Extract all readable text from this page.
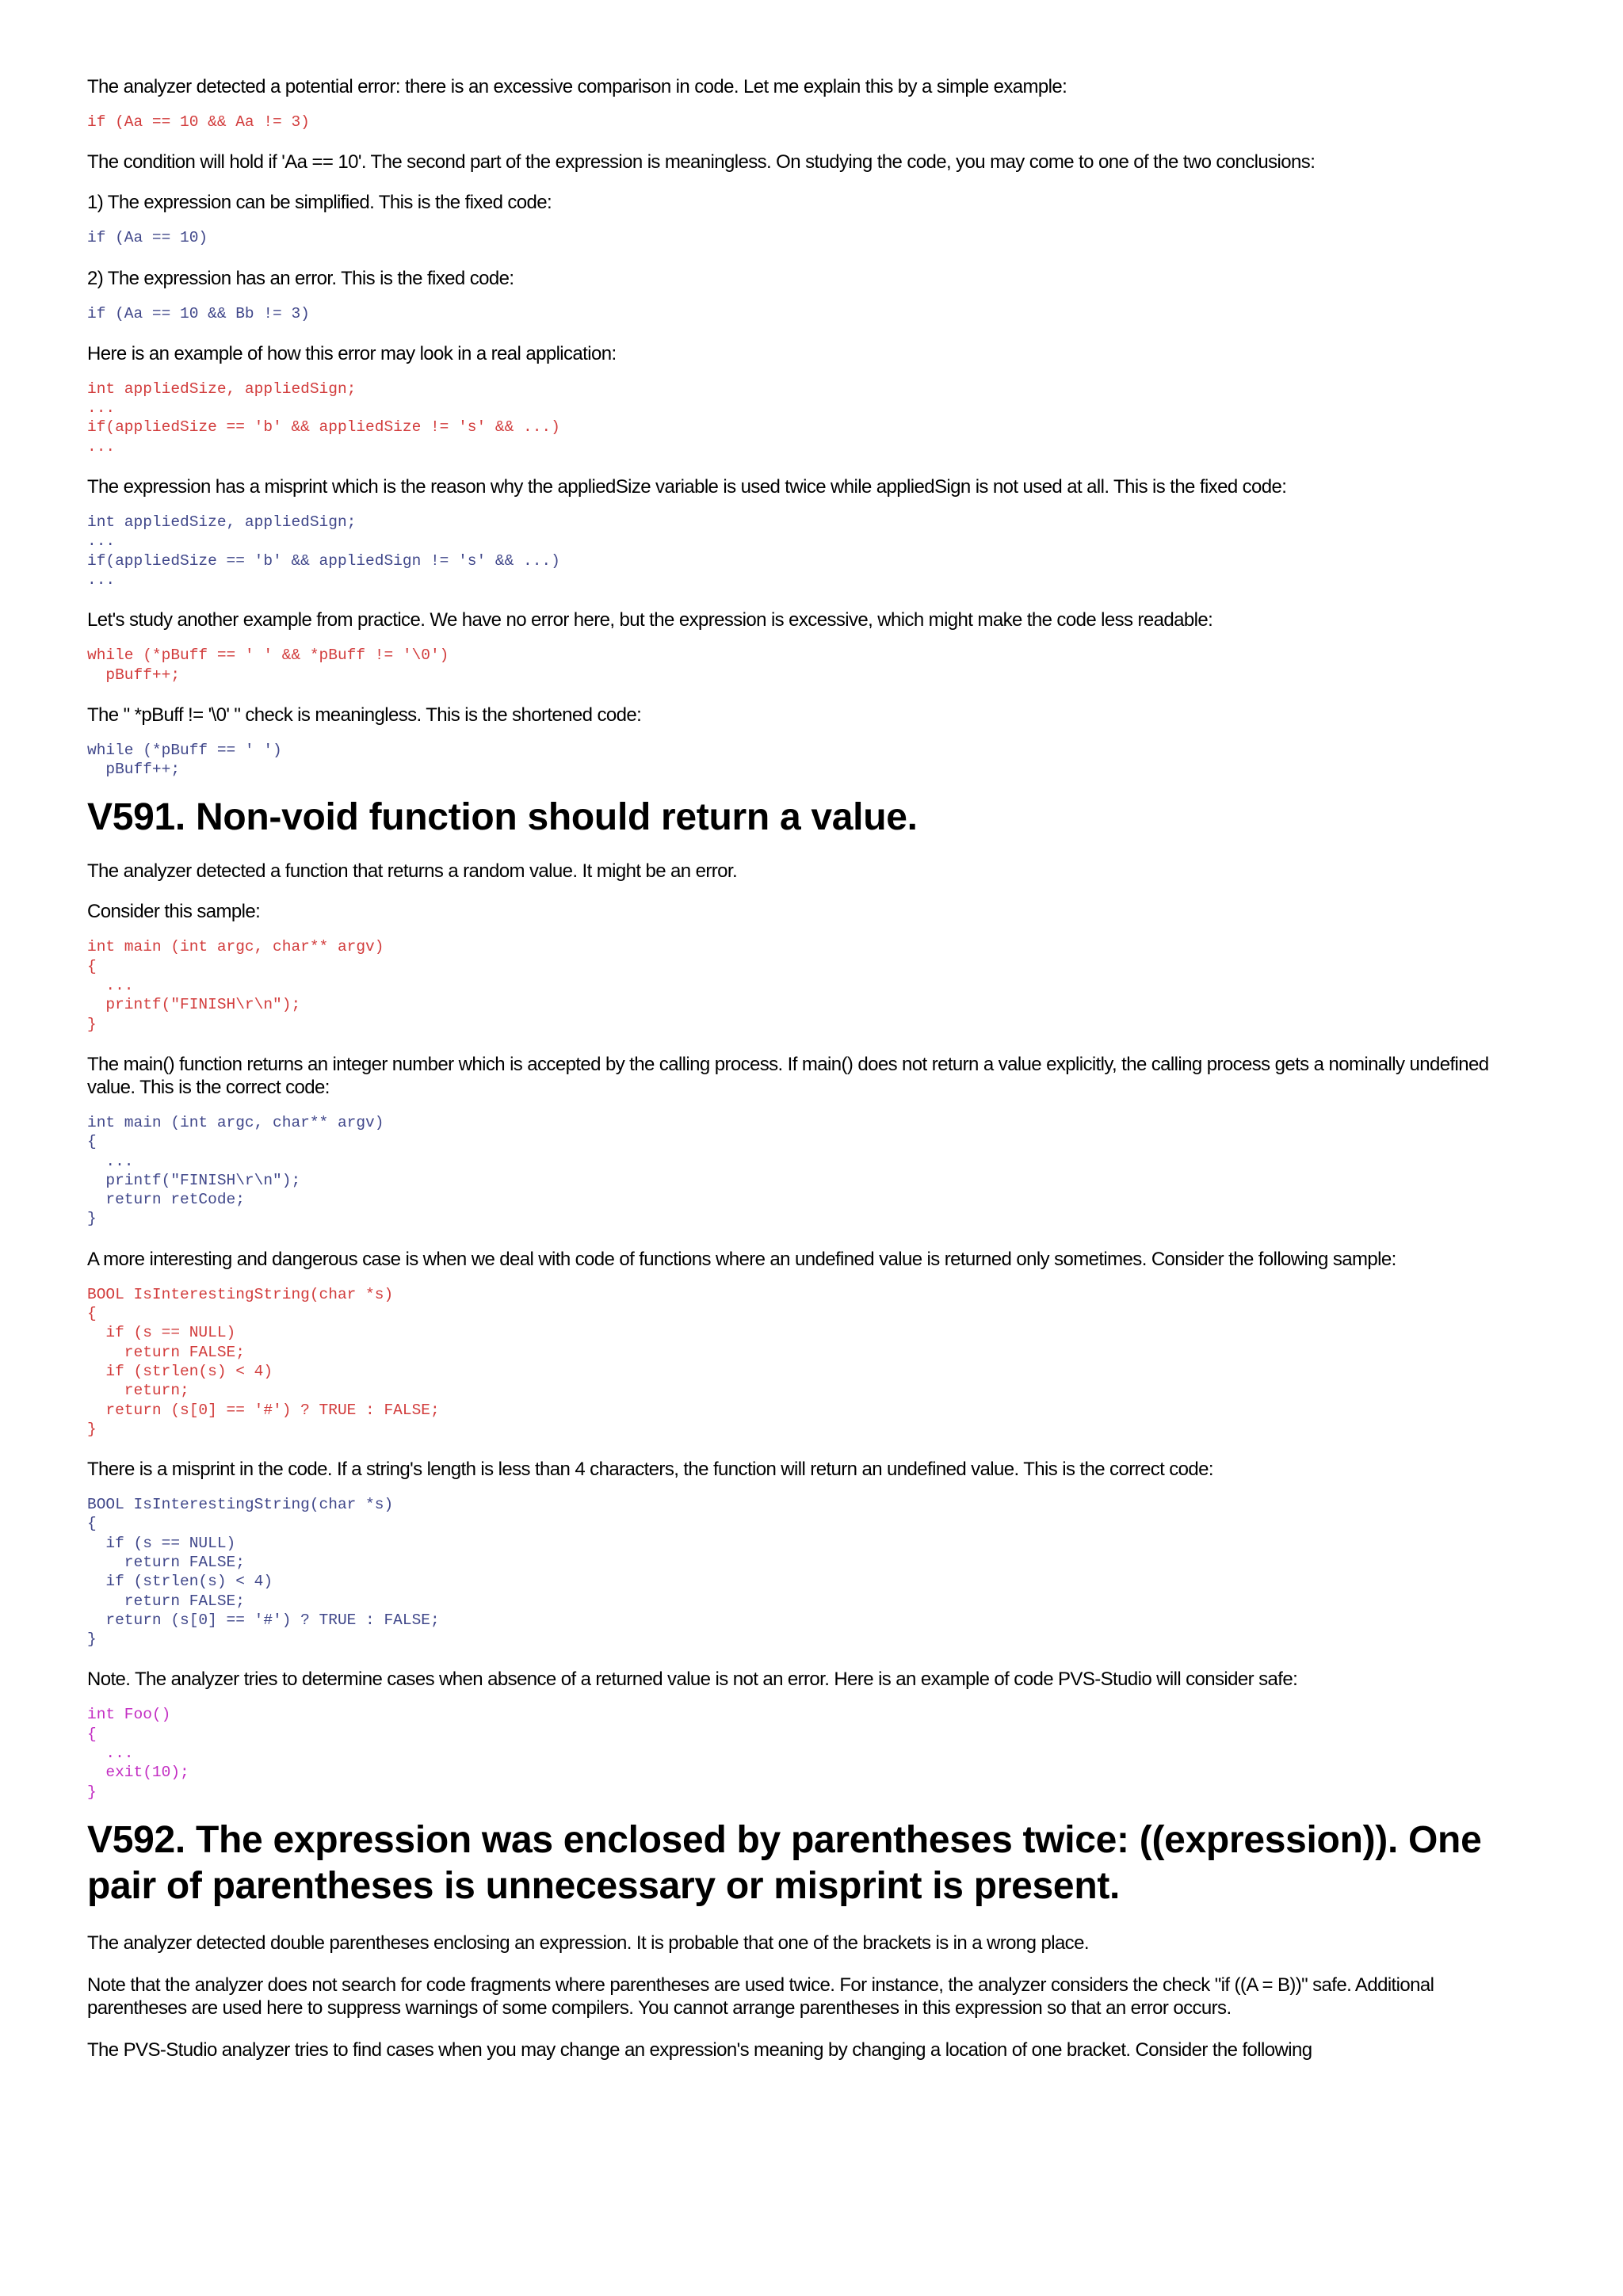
The analyzer detected a potential error: there is an excessive comparison in code. Let me explain this by a simple example:

if (Aa == 10 && Aa != 3)

The condition will hold if 'Aa == 10'. The second part of the expression is meaningless. On studying the code, you may come to one of the two conclusions:

1) The expression can be simplified. This is the fixed code:

if (Aa == 10)

2) The expression has an error. This is the fixed code:

if (Aa == 10 && Bb != 3)

Here is an example of how this error may look in a real application:

int appliedSize, appliedSign;
...
if(appliedSize == 'b' && appliedSize != 's' && ...)
...

The expression has a misprint which is the reason why the appliedSize variable is used twice while appliedSign is not used at all. This is the fixed code:

int appliedSize, appliedSign;
...
if(appliedSize == 'b' && appliedSign != 's' && ...)
...

Let's study another example from practice. We have no error here, but the expression is excessive, which might make the code less readable:

while (*pBuff == ' ' && *pBuff != '\0')
pBuff++;

The " *pBuff != '\0' " check is meaningless. This is the shortened code:

while (*pBuff == ' ')
pBuff++;
V591. Non-void function should return a value.

The analyzer detected a function that returns a random value. It might be an error.

Consider this sample:

int main (int argc, char** argv)
{
...
printf("FINISH\r\n");
}

The main() function returns an integer number which is accepted by the calling process. If main() does not return a value explicitly, the calling process gets a nominally undefined value. This is the correct code:

int main (int argc, char** argv)
{
...
printf("FINISH\r\n");
return retCode;
}

A more interesting and dangerous case is when we deal with code of functions where an undefined value is returned only sometimes. Consider the following sample:

BOOL IsInterestingString(char *s)
{
if (s == NULL)
return FALSE;
if (strlen(s) < 4)
return;
return (s[0] == '#') ? TRUE : FALSE;
}

There is a misprint in the code. If a string's length is less than 4 characters, the function will return an undefined value. This is the correct code:

BOOL IsInterestingString(char *s)
{
if (s == NULL)
return FALSE;
if (strlen(s) < 4)
return FALSE;
return (s[0] == '#') ? TRUE : FALSE;
}

Note. The analyzer tries to determine cases when absence of a returned value is not an error. Here is an example of code PVS-Studio will consider safe:

int Foo()
{
...
exit(10);
}
V592. The expression was enclosed by parentheses twice: ((expression)). One pair of parentheses is unnecessary or misprint is present.

The analyzer detected double parentheses enclosing an expression. It is probable that one of the brackets is in a wrong place.

Note that the analyzer does not search for code fragments where parentheses are used twice. For instance, the analyzer considers the check "if ((A = B))" safe. Additional parentheses are used here to suppress warnings of some compilers. You cannot arrange parentheses in this expression so that an error occurs.

The PVS-Studio analyzer tries to find cases when you may change an expression's meaning by changing a location of one bracket. Consider the following
